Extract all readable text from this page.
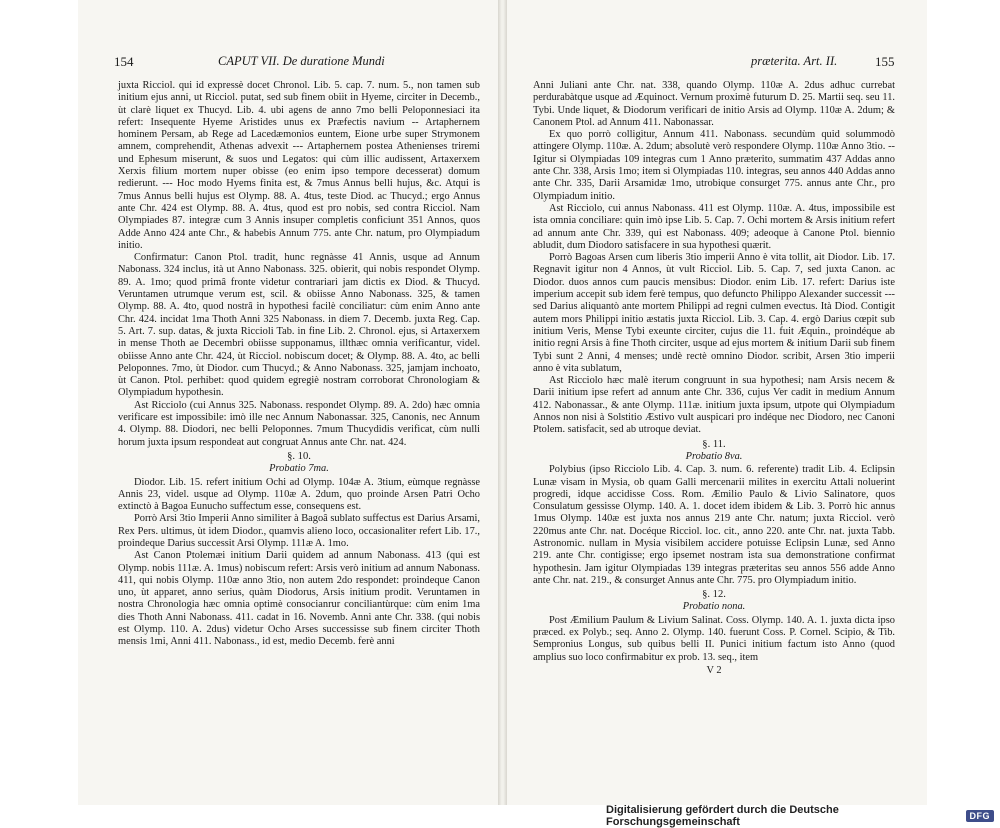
154	CAPUT VII. De duratione Mundi

juxta Ricciol. qui id expressè docet Chronol. Lib. 5. cap. 7. num. 5., non tamen sub initium ejus anni, ut Ricciol. putat, sed sub finem obiit in Hyeme, circiter in Decemb., ùt clarè liquet ex Thucyd. Lib. 4. ubi agens de anno 7mo belli Peloponnesiaci ita refert: Insequente Hyeme Aristides unus ex Præfectis navium -- Artaphernem hominem Persam, ab Rege ad Lacedæmonios euntem, Eione urbe super Strymonem amnem, comprehendit, Athenas advexit --- Artaphernem postea Athenienses triremi und Ephesum miserunt, & suos und Legatos: qui cùm illic audissent, Artaxerxem Xerxis filium mortem nuper obisse (eo enim ipso tempore decesserat) domum redierunt. --- Hoc modo Hyems finita est, & 7mus Annus belli hujus, &c. Atqui is 7mus Annus belli hujus est Olymp. 88. A. 4tus, teste Diod. ac Thucyd.; ergo Annus ante Chr. 424 est Olymp. 88. A. 4tus, quod est pro nobis, sed contra Ricciol. Nam Olympiades 87. integræ cum 3 Annis insuper completis conficiunt 351 Annos, quos Adde Anno 424 ante Chr., & habebis Annum 775. ante Chr. natum, pro Olympiadum initio.

Confirmatur: Canon Ptol. tradit, hunc regnàsse 41 Annis, usque ad Annum Nabonass. 324 inclus, ità ut Anno Nabonass. 325. obierit, qui nobis respondet Olymp. 89. A. 1mo; quod primâ fronte videtur contrariari jam dictis ex Diod. & Thucyd. Veruntamen utrumque verum est, scil. & obiisse Anno Nabonass. 325, & tamen Olymp. 88. A. 4to, quod nostrâ in hypothesi facilè conciliatur: cùm enim Anno ante Chr. 424. incidat 1ma Thoth Anni 325 Nabonass. in diem 7. Decemb. juxta Reg. Cap. 5. Art. 7. sup. datas, & juxta Riccioli Tab. in fine Lib. 2. Chronol. ejus, si Artaxerxem in mense Thoth ae Decembri obiisse supponamus, illthæc omnia verificantur, videl. obiisse Anno ante Chr. 424, ùt Ricciol. nobiscum docet; & Olymp. 88. A. 4to, ac belli Peloponnes. 7mo, ùt Diodor. cum Thucyd.; & Anno Nabonass. 325, jamjam inchoato, ùt Canon. Ptol. perhibet: quod quidem egregiè nostram corroborat Chronologiam & Olympiadum hypothesin.

Ast Ricciolo (cui Annus 325. Nabonass. respondet Olymp. 89. A. 2do) hæc omnia verificare est impossibile: imò ille nec Annum Nabonassar. 325, Canonis, nec Annum 4. Olymp. 88. Diodori, nec belli Peloponnes. 7mum Thucydidis verificat, cùm nulli horum juxta ipsum respondeat aut congruat Annus ante Chr. nat. 424.

§. 10.
Probatio 7ma.

Diodor. Lib. 15. refert initium Ochi ad Olymp. 104æ A. 3tium, eùmque regnàsse Annis 23, videl. usque ad Olymp. 110æ A. 2dum, quo proinde Arsen Patri Ocho extinctò à Bagoa Eunucho suffectum esse, consequens est.

Porrò Arsi 3tio Imperii Anno similiter à Bagoâ sublato suffectus est Darius Arsami, Rex Pers. ultimus, ùt idem Diodor., quamvis alieno loco, occasionaliter refert Lib. 17., proindeque Darius successit Arsi Olymp. 111æ A. 1mo.

Ast Canon Ptolemæi initium Darii quidem ad annum Nabonass. 413 (qui est Olymp. nobis 111æ. A. 1mus) nobiscum refert: Arsis verò initium ad annum Nabonass. 411, qui nobis Olymp. 110æ anno 3tio, non autem 2do respondet: proindeque Canon uno, ùt apparet, anno serius, quàm Diodorus, Arsis initium prodit. Veruntamen in nostra Chronologia hæc omnia optimè consocianrur conciliantùrque: cùm enim 1ma dies Thoth Anni Nabonass. 411. cadat in 16. Novemb. Anni ante Chr. 338. (qui nobis est Olymp. 110. A. 2dus) videtur Ocho Arses successisse sub finem circiter Thoth mensis 1mi, Anni 411. Nabonass., id est, medio Decemb. ferè anni

præterita. Art. II.	155

Anni Juliani ante Chr. nat. 338, quando Olymp. 110æ A. 2dus adhuc currebat perdurabàtque usque ad Æquinoct. Vernum proximè futurum D. 25. Martii seq. seu 11. Tybi. Unde liquet, & Diodorum verificari de initio Arsis ad Olymp. 110æ A. 2dum; & Canonem Ptol. ad Annum 411. Nabonassar.

Ex quo porrò colligitur, Annum 411. Nabonass. secundùm quid solummodò attingere Olymp. 110æ. A. 2dum; absolutè verò respondere Olymp. 110æ Anno 3tio. -- Igitur si Olympiadas 109 integras cum 1 Anno præterito, summatim 437 Addas anno ante Chr. 338, Arsis 1mo; item si Olympiadas 110. integras, seu annos 440 Addas anno ante Chr. 335, Darii Arsamidæ 1mo, utrobique consurget 775. annus ante Chr., pro Olympiadum initio.

Ast Ricciolo, cui annus Nabonass. 411 est Olymp. 110æ. A. 4tus, impossibile est ista omnia conciliare: quin imò ipse Lib. 5. Cap. 7. Ochi mortem & Arsis initium refert ad annum ante Chr. 339, qui est Nabonass. 409; adeoque à Canone Ptol. biennio abludit, dum Diodoro satisfacere in sua hypothesi quærit.

Porrò Bagoas Arsen cum liberis 3tio imperii Anno è vita tollit, ait Diodor. Lib. 17. Regnavit igitur non 4 Annos, ùt vult Ricciol. Lib. 5. Cap. 7, sed juxta Canon. ac Diodor. duos annos cum paucis mensibus: Diodor. enim Lib. 17. refert: Darius iste imperium accepit sub idem ferè tempus, quo defuncto Philippo Alexander successit --- sed Darius aliquantò ante mortem Philippi ad regni culmen evectus. Ità Diod. Contigit autem mors Philippi initio æstatis juxta Ricciol. Lib. 3. Cap. 4. ergò Darius cœpit sub initium Veris, Mense Tybi exeunte circiter, cujus die 11. fuit Æquin., proindéque ab initio regni Arsis à fine Thoth circiter, usque ad ejus mortem & initium Darii sub finem Tybi sunt 2 Anni, 4 menses; undè rectè omnino Diodor. scribit, Arsen 3tio imperii anno è vita sublatum,

Ast Ricciolo hæc malè iterum congruunt in sua hypothesi; nam Arsis necem & Darii initium ipse refert ad annum ante Chr. 336, cujus Ver cadit in medium Annum 412. Nabonassar., & ante Olymp. 111æ. initium juxta ipsum, utpote qui Olympiadum Annos non nisi à Solstitio Æstivo vult auspicari pro indéque nec Diodoro, nec Canoni Ptolem. satisfacit, sed ab utroque deviat.

§. 11.
Probatio 8va.

Polybius (ipso Ricciolo Lib. 4. Cap. 3. num. 6. referente) tradit Lib. 4. Eclipsin Lunæ visam in Mysia, ob quam Galli mercenarii milites in exercitu Attali noluerint progredi, idque accidisse Coss. Rom. Æmilio Paulo & Livio Salinatore, quos Consulatum gessisse Olymp. 140. A. 1. docet idem ibidem & Lib. 3. Porrò hic annus 1mus Olymp. 140æ est juxta nos annus 219 ante Chr. natum; juxta Ricciol. verò 220mus ante Chr. nat. Docéque Ricciol. loc. cit., anno 220. ante Chr. nat. juxta Tabb. Astronomic. nullam in Mysia visibilem accidere potuisse Eclipsin Lunæ, sed Anno 219. ante Chr. contigisse; ergo ipsemet nostram ista sua demonstratione confirmat hypothesin. Jam igitur Olympiadas 139 integras præteritas seu annos 556 adde Anno ante Chr. nat. 219., & consurget Annus ante Chr. 775. pro Olympiadum initio.

§. 12.
Probatio nona.

Post Æmilium Paulum & Livium Salinat. Coss. Olymp. 140. A. 1. juxta dicta ipso præced. ex Polyb.; seq. Anno 2. Olymp. 140. fuerunt Coss. P. Cornel. Scipio, & Tib. Sempronius Longus, sub quibus belli II. Punici initium factum isto Anno (quod amplius suo loco confirmabitur ex prob. 13. seq., item

V 2
Digitalisierung gefördert durch die Deutsche Forschungsgemeinschaft	DFG
